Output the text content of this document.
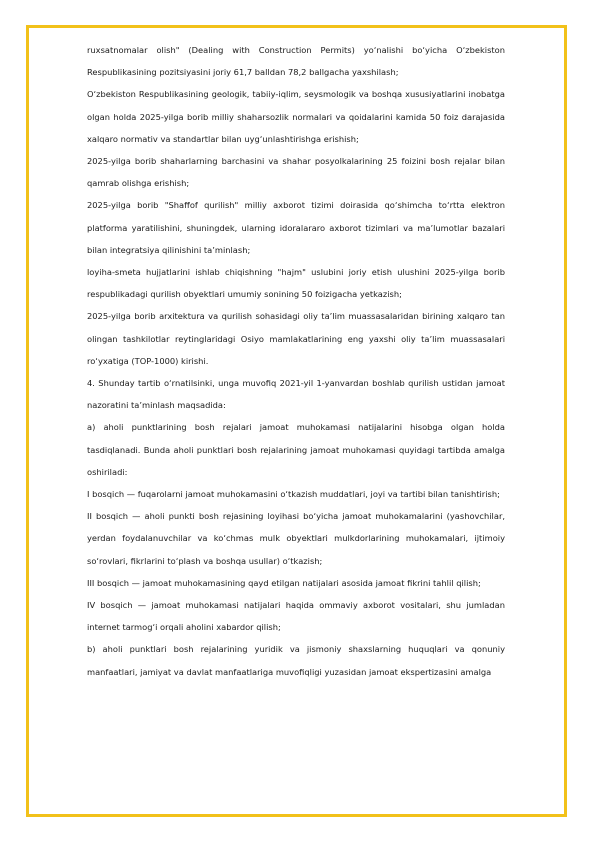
ruxsatnomalar olish" (Dealing with Construction Permits) yo‘nalishi bo‘yicha O‘zbekiston Respublikasining pozitsiyasini joriy 61,7 balldan 78,2 ballgacha yaxshilash;

O‘zbekiston Respublikasining geologik, tabiiy-iqlim, seysmologik va boshqa xususiyatlarini inobatga olgan holda 2025-yilga borib milliy shaharsozlik normalari va qoidalarini kamida 50 foiz darajasida xalqaro normativ va standartlar bilan uyg‘unlashtirishga erishish;

2025-yilga borib shaharlarning barchasini va shahar posyolkalarining 25 foizini bosh rejalar bilan qamrab olishga erishish;

2025-yilga borib "Shaffof qurilish" milliy axborot tizimi doirasida qo‘shimcha to‘rtta elektron platforma yaratilishini, shuningdek, ularning idoralararo axborot tizimlari va ma’lumotlar bazalari bilan integratsiya qilinishini ta’minlash;

loyiha-smeta hujjatlarini ishlab chiqishning "hajm" uslubini joriy etish ulushini 2025-yilga borib respublikadagi qurilish obyektlari umumiy sonining 50 foizigacha yetkazish;

2025-yilga borib arxitektura va qurilish sohasidagi oliy ta’lim muassasalaridan birining xalqaro tan olingan tashkilotlar reytinglaridagi Osiyo mamlakatlarining eng yaxshi oliy ta’lim muassasalari ro‘yxatiga (TOP-1000) kirishi.

4. Shunday tartib o‘rnatilsinki, unga muvofiq 2021-yil 1-yanvardan boshlab qurilish ustidan jamoat nazoratini ta’minlash maqsadida:

a) aholi punktlarining bosh rejalari jamoat muhokamasi natijalarini hisobga olgan holda tasdiqlanadi. Bunda aholi punktlari bosh rejalarining jamoat muhokamasi quyidagi tartibda amalga oshiriladi:

I bosqich — fuqarolarni jamoat muhokamasini o‘tkazish muddatlari, joyi va tartibi bilan tanishtirish;

II bosqich — aholi punkti bosh rejasining loyihasi bo‘yicha jamoat muhokamalarini (yashovchilar, yerdan foydalanuvchilar va ko‘chmas mulk obyektlari mulkdorlarining muhokamalari, ijtimoiy so‘rovlari, fikrlarini to‘plash va boshqa usullar) o‘tkazish;

III bosqich — jamoat muhokamasining qayd etilgan natijalari asosida jamoat fikrini tahlil qilish;

IV bosqich — jamoat muhokamasi natijalari haqida ommaviy axborot vositalari, shu jumladan internet tarmog‘i orqali aholini xabardor qilish;

b) aholi punktlari bosh rejalarining yuridik va jismoniy shaxslarning huquqlari va qonuniy manfaatlari, jamiyat va davlat manfaatlariga muvofiqligi yuzasidan jamoat ekspertizasini amalga
